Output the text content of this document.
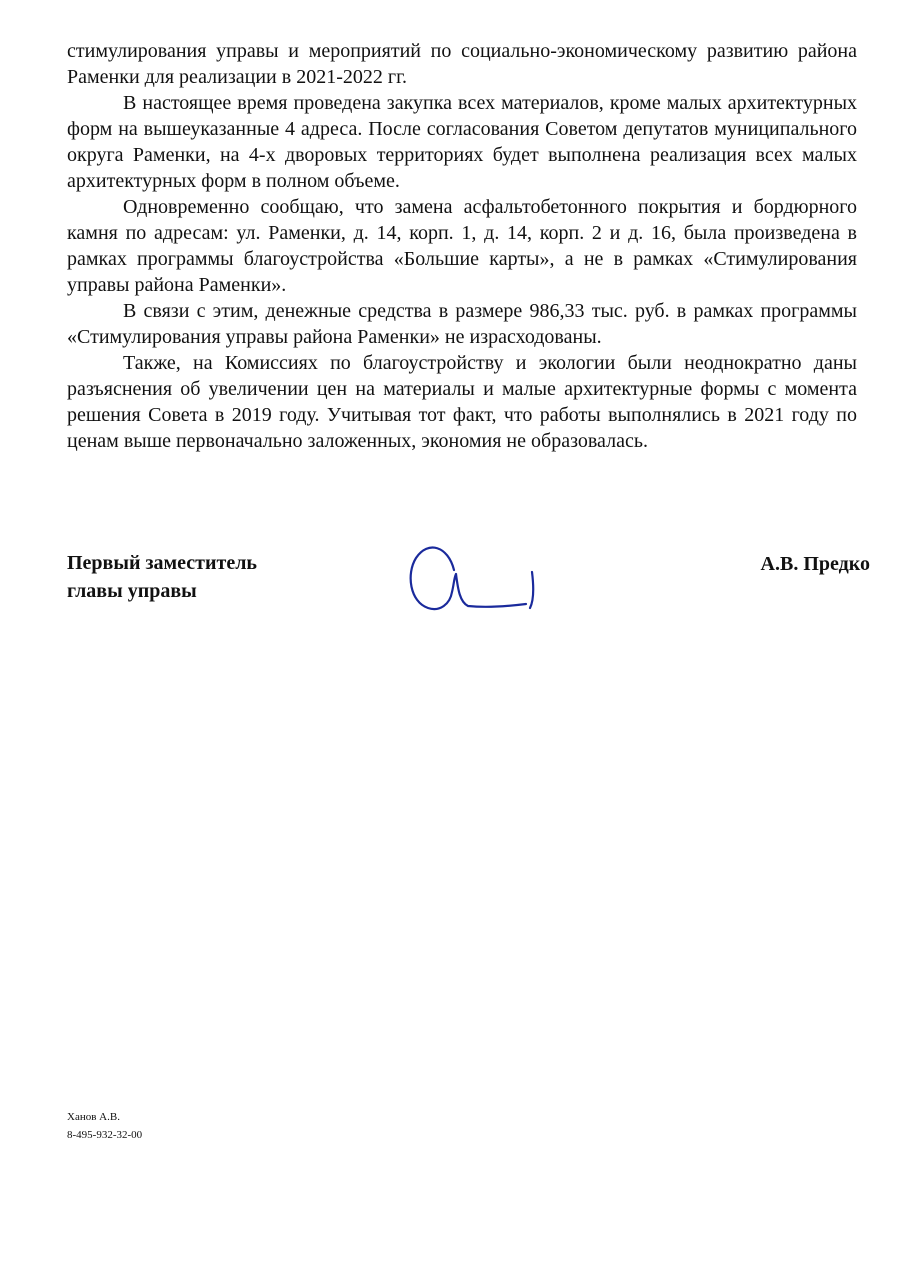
стимулирования управы и мероприятий по социально-экономическому развитию района Раменки для реализации в 2021-2022 гг.

В настоящее время проведена закупка всех материалов, кроме малых архитектурных форм на вышеуказанные 4 адреса. После согласования Советом депутатов муниципального округа Раменки, на 4-х дворовых территориях будет выполнена реализация всех малых архитектурных форм в полном объеме.

Одновременно сообщаю, что замена асфальтобетонного покрытия и бордюрного камня по адресам: ул. Раменки, д. 14, корп. 1, д. 14, корп. 2 и д. 16, была произведена в рамках программы благоустройства «Большие карты», а не в рамках «Стимулирования управы района Раменки».

В связи с этим, денежные средства в размере 986,33 тыс. руб. в рамках программы «Стимулирования управы района Раменки» не израсходованы.

Также, на Комиссиях по благоустройству и экологии были неоднократно даны разъяснения об увеличении цен на материалы и малые архитектурные формы с момента решения Совета в 2019 году. Учитывая тот факт, что работы выполнялись в 2021 году по ценам выше первоначально заложенных, экономия не образовалась.

Первый заместитель
главы управы
А.В. Предко
Ханов А.В.
8-495-932-32-00
